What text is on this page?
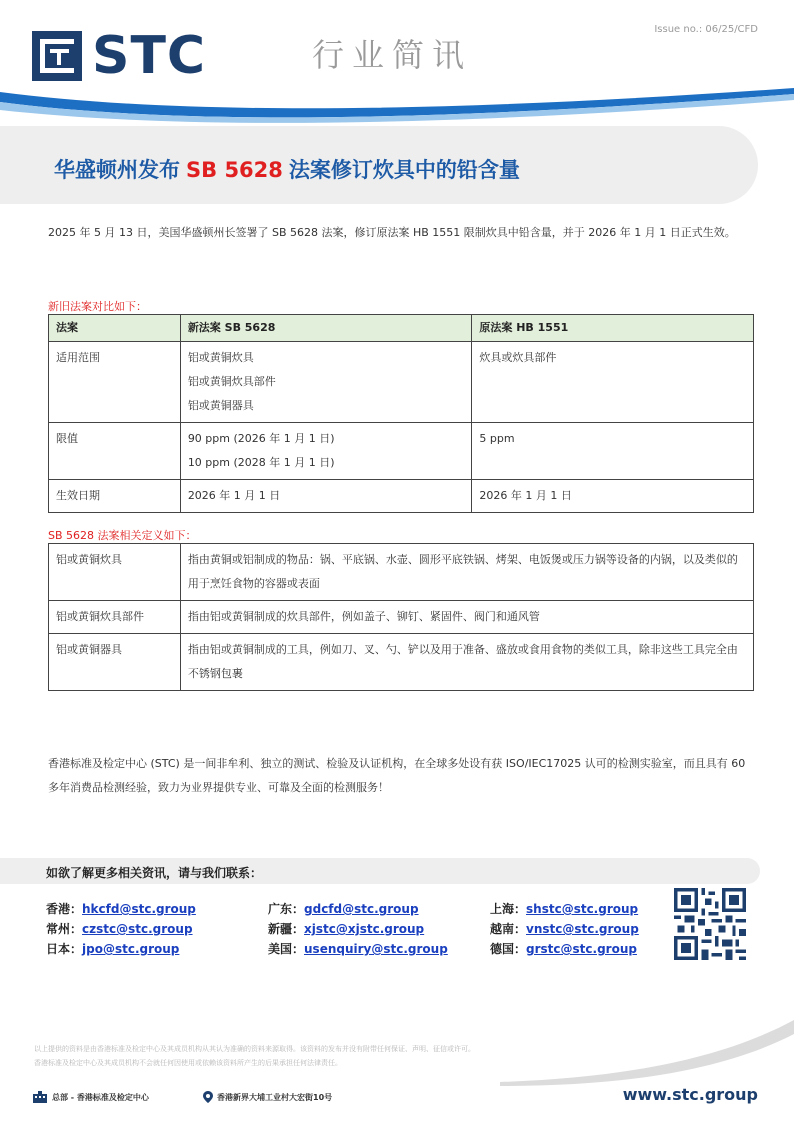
Issue no.: 06/25/CFD
STC	行业简讯
华盛顿州发布 SB 5628 法案修订炊具中的铅含量

2025 年 5 月 13 日，美国华盛顿州长签署了 SB 5628 法案，修订原法案 HB 1551 限制炊具中铅含量，并于 2026 年 1 月 1 日正式生效。

新旧法案对比如下：
法案	新法案 SB 5628	原法案 HB 1551
适用范围	铝或黄铜炊具
铝或黄铜炊具部件
铝或黄铜器具	炊具或炊具部件

限值	90 ppm (2026 年 1 月 1 日)
10 ppm (2028 年 1 月 1 日)	5 ppm

生效日期	2026 年 1 月 1 日	2026 年 1 月 1 日
SB 5628 法案相关定义如下：
铝或黄铜炊具	指由黄铜或铝制成的物品：锅、平底锅、水壶、圆形平底铁锅、烤架、电饭煲或压力锅等设备的内锅，以及类似的用于烹饪食物的容器或表面
铝或黄铜炊具部件	指由铝或黄铜制成的炊具部件，例如盖子、铆钉、紧固件、阀门和通风管
铝或黄铜器具	指由铝或黄铜制成的工具，例如刀、叉、勺、铲以及用于准备、盛放或食用食物的类似工具，除非这些工具完全由不锈钢包裹

香港标准及检定中心 (STC) 是一间非牟利、独立的测试、检验及认证机构，在全球多处设有获 ISO/IEC17025 认可的检测实验室，而且具有 60 多年消费品检测经验，致力为业界提供专业、可靠及全面的检测服务！

如欲了解更多相关资讯，请与我们联系：
香港：hkcfd@stc.group	广东：gdcfd@stc.group	上海：shstc@stc.group
常州：czstc@stc.group	新疆：xjstc@xjstc.group	越南：vnstc@stc.group
日本：jpo@stc.group	美国：usenquiry@stc.group	德国：grstc@stc.group
以上提供的资料是由香港标准及检定中心及其成员机构从其认为准确的资料来源取得。该资料的发布并没有附带任何保证、声明、征信或许可。
香港标准及检定中心及其成员机构不会就任何因使用或依赖该资料所产生的后果承担任何法律责任。
总部 - 香港标准及检定中心	香港新界大埔工业村大宏街10号	www.stc.group
